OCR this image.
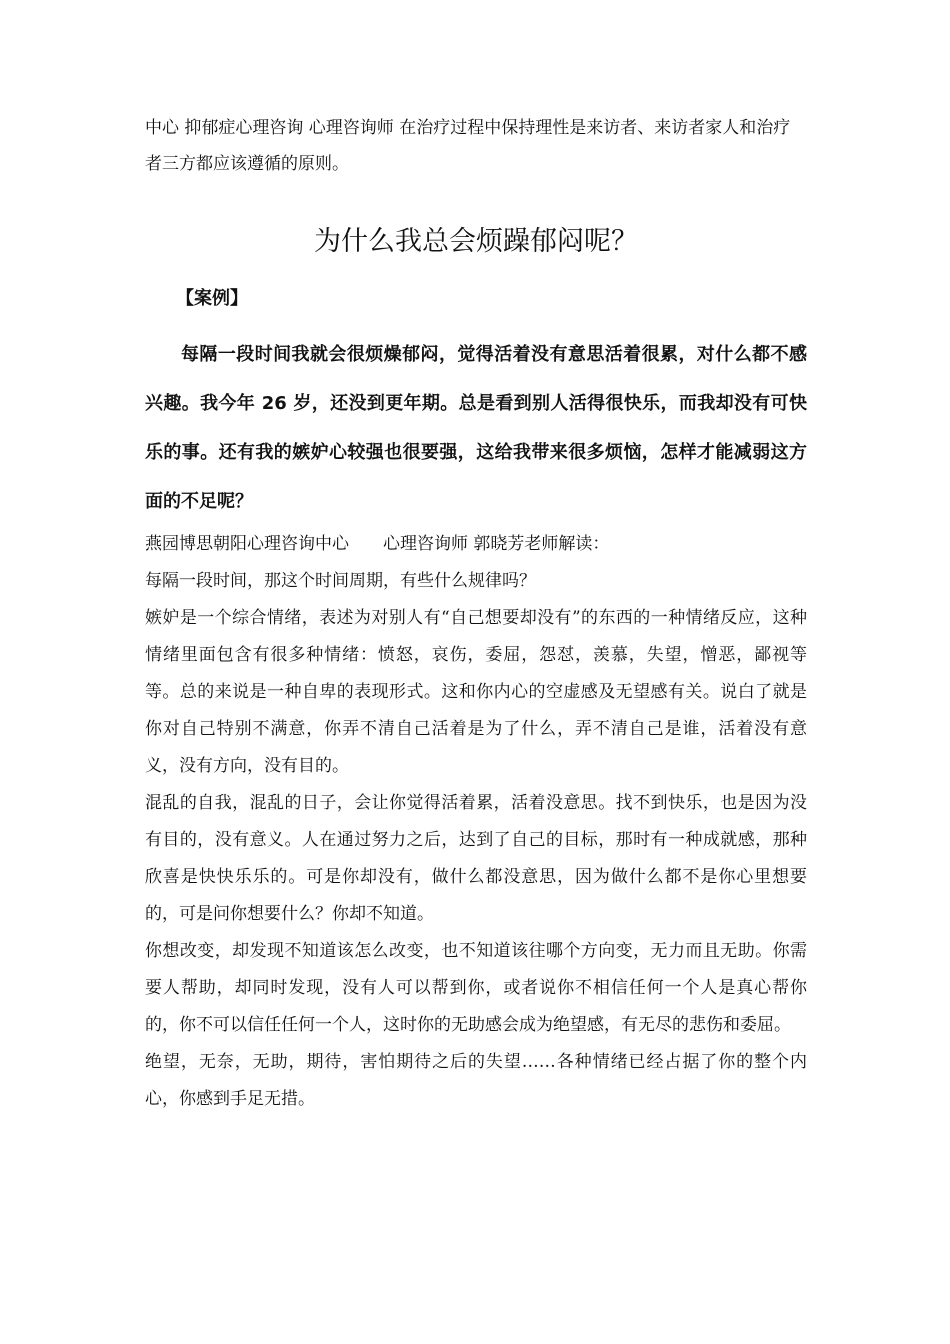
中心 抑郁症心理咨询 心理咨询师 在治疗过程中保持理性是来访者、来访者家人和治疗者三方都应该遵循的原则。

为什么我总会烦躁郁闷呢？

【案例】

每隔一段时间我就会很烦燥郁闷，觉得活着没有意思活着很累，对什么都不感兴趣。我今年 26 岁，还没到更年期。总是看到别人活得很快乐，而我却没有可快乐的事。还有我的嫉妒心较强也很要强，这给我带来很多烦恼，怎样才能减弱这方面的不足呢？

燕园博思朝阳心理咨询中心　　心理咨询师 郭晓芳老师解读：

每隔一段时间，那这个时间周期，有些什么规律吗？

嫉妒是一个综合情绪，表述为对别人有“自己想要却没有”的东西的一种情绪反应，这种情绪里面包含有很多种情绪：愤怒，哀伤，委屈，怨怼，羡慕，失望，憎恶，鄙视等等。总的来说是一种自卑的表现形式。这和你内心的空虚感及无望感有关。说白了就是你对自己特别不满意，你弄不清自己活着是为了什么，弄不清自己是谁，活着没有意义，没有方向，没有目的。

混乱的自我，混乱的日子，会让你觉得活着累，活着没意思。找不到快乐，也是因为没有目的，没有意义。人在通过努力之后，达到了自己的目标，那时有一种成就感，那种欣喜是快快乐乐的。可是你却没有，做什么都没意思，因为做什么都不是你心里想要的，可是问你想要什么？你却不知道。

你想改变，却发现不知道该怎么改变，也不知道该往哪个方向变，无力而且无助。你需要人帮助，却同时发现，没有人可以帮到你，或者说你不相信任何一个人是真心帮你的，你不可以信任任何一个人，这时你的无助感会成为绝望感，有无尽的悲伤和委屈。

绝望，无奈，无助，期待，害怕期待之后的失望……各种情绪已经占据了你的整个内心，你感到手足无措。
